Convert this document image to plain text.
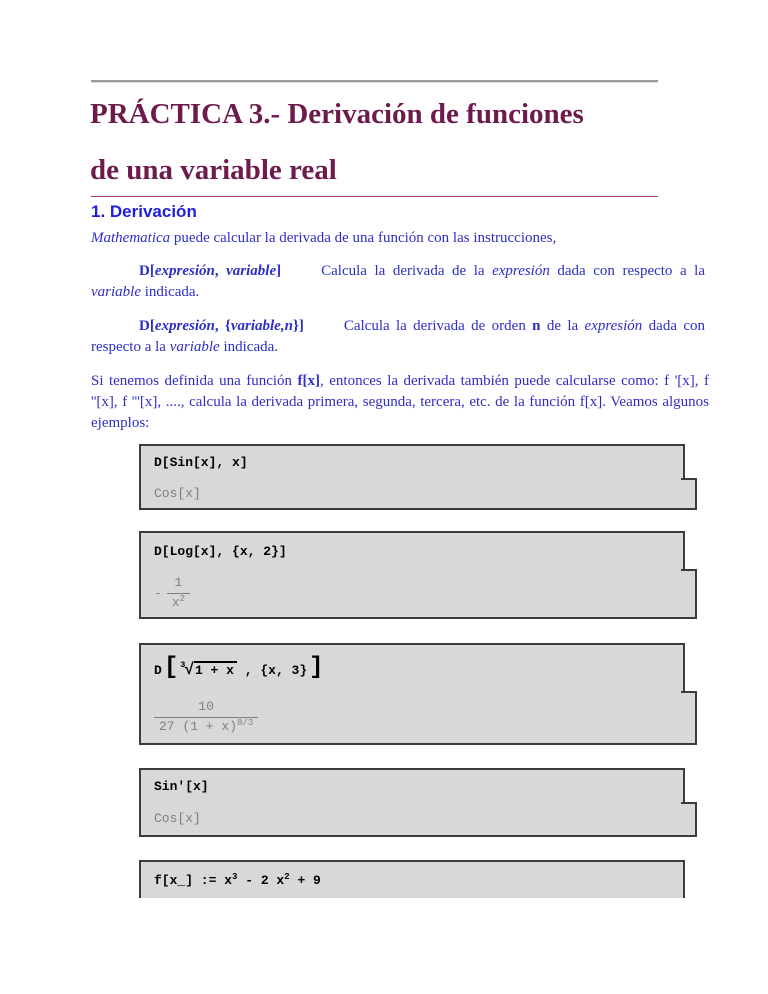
PRÁCTICA 3.- Derivación de funciones
de una variable real
1. Derivación

Mathematica puede calcular la derivada de una función con las instrucciones,

D[expresión, variable]	Calcula la derivada de la expresión dada con respecto a la variable indicada.

D[expresión, {variable,n}]	Calcula la derivada de orden n de la expresión dada con respecto a la variable indicada.

Si tenemos definida una función f[x], entonces la derivada también puede calcularse como: f '[x], f ''[x], f '''[x], ...., calcula la derivada primera, segunda, tercera, etc. de la función f[x]. Veamos algunos ejemplos:

D[Sin[x], x]
Cos[x]
D[Log[x], {x, 2}]
- $\frac{1}{x^2}$
D[ $^3$√1 + x , {x, 3}]
$\frac{10}{27 (1 + x)^{8/3}}$
Sin'[x]
Cos[x]
f[x_] := $x^3 - 2$ $x^2 + 9$
